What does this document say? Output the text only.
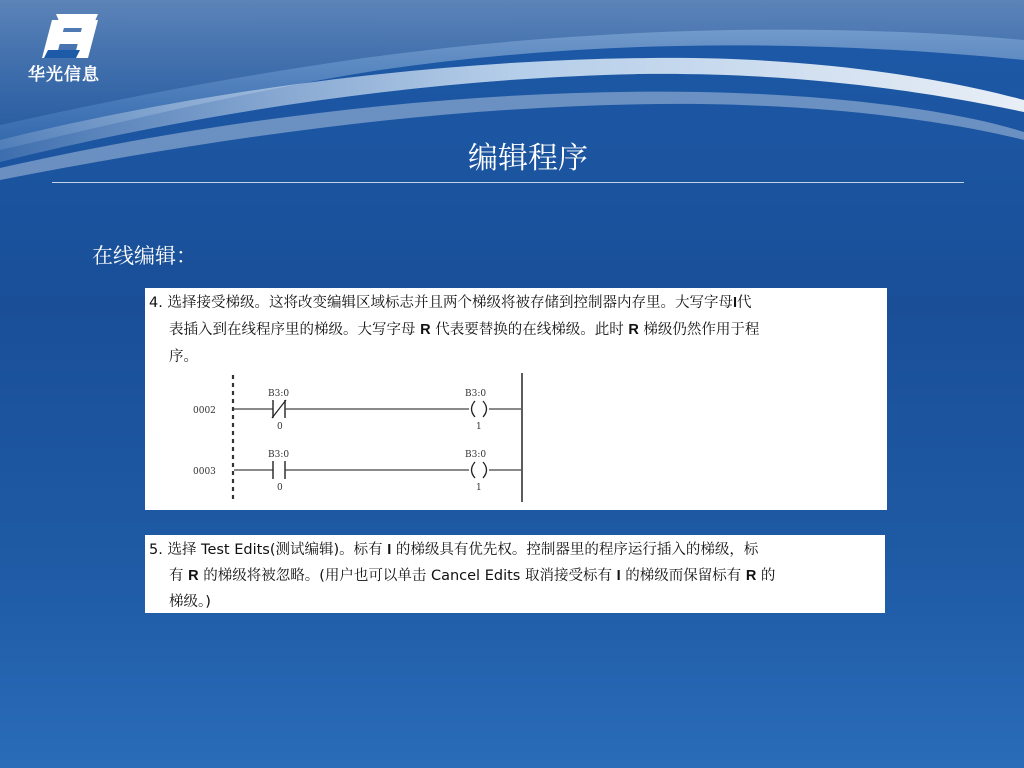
华光信息
编辑程序
在线编辑：
4. 选择接受梯级。这将改变编辑区域标志并且两个梯级将被存储到控制器内存里。大写字母I代
表插入到在线程序里的梯级。大写字母 R 代表要替换的在线梯级。此时 R 梯级仍然作用于程
序。
0002
B3:0
0
B3:0
1
0003
B3:0
0
B3:0
1
5. 选择 Test Edits(测试编辑)。标有 I 的梯级具有优先权。控制器里的程序运行插入的梯级，标
有 R 的梯级将被忽略。(用户也可以单击 Cancel Edits 取消接受标有 I 的梯级而保留标有 R 的
梯级。)
